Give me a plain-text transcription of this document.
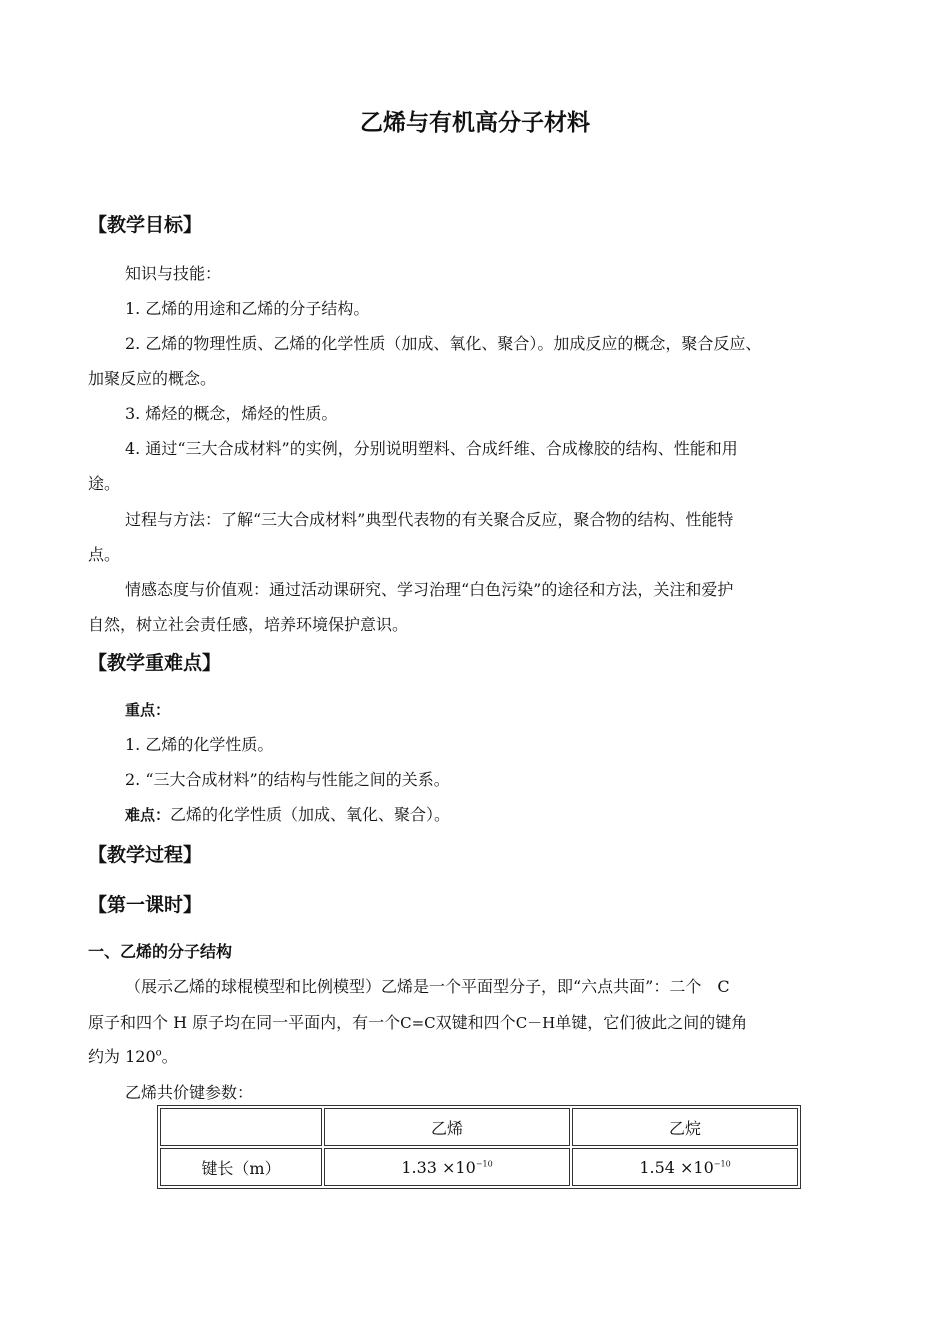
乙烯与有机高分子材料
【教学目标】
知识与技能：
1. 乙烯的用途和乙烯的分子结构。
2. 乙烯的物理性质、乙烯的化学性质（加成、氧化、聚合）。加成反应的概念，聚合反应、
加聚反应的概念。
3. 烯烃的概念，烯烃的性质。
4. 通过“三大合成材料”的实例，分别说明塑料、合成纤维、合成橡胶的结构、性能和用
途。
过程与方法：了解“三大合成材料”典型代表物的有关聚合反应，聚合物的结构、性能特
点。
情感态度与价值观：通过活动课研究、学习治理“白色污染”的途径和方法，关注和爱护
自然，树立社会责任感，培养环境保护意识。
【教学重难点】
重点：
1. 乙烯的化学性质。
2. “三大合成材料”的结构与性能之间的关系。
难点：乙烯的化学性质（加成、氧化、聚合）。
【教学过程】
【第一课时】
一、乙烯的分子结构
（展示乙烯的球棍模型和比例模型）乙烯是一个平面型分子，即“六点共面”：二个　C
原子和四个 H 原子均在同一平面内，有一个C=C双键和四个C－H单键，它们彼此之间的键角
约为 120$^o$。
乙烯共价键参数：
	乙烯	乙烷
键长（m）	$1.33 \times 10^{-10}$	$1.54 \times 10^{-10}$
